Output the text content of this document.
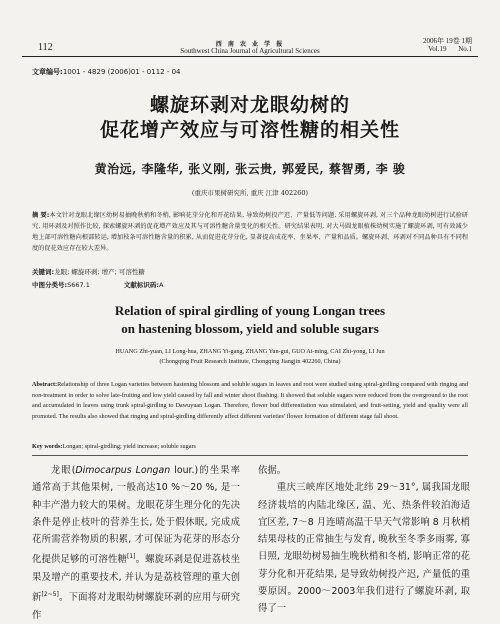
112	西 南 农 业 学 报
Southwest China Journal of Agricultural Sciences
2006年 19卷 1期
Vol.19 No.1
文章编号:1001 - 4829 (2006)01 - 0112 - 04
螺旋环剥对龙眼幼树的
促花增产效应与可溶性糖的相关性
黄治远, 李隆华, 张义刚, 张云贵, 郭爱民, 蔡智勇, 李 骏
(重庆市果树研究所, 重庆 江津 402260)
摘 要:本文针对龙眼北缘区幼树易抽晚秋梢和冬梢, 影响花芽分化和开花结果, 导致幼树投产迟、产量低等问题, 采用螺旋环剥, 对三个品种龙眼幼树进行试验研究, 用环剥及对照作比较, 探索螺旋环剥的促花增产效应及其与可溶性糖含量变化的相关性。研究结果表明, 对大马圆龙眼植株幼树实施了螺旋环剥, 可有效减少地上部可溶性糖向根部转运, 增加枝条可溶性糖含量的积累, 从而促进花芽分化, 显著提高成花率、坐果率、产量和品质。螺旋环剥、环剥对不同品种具有不同程度的促花效应存在较大差异。
关键词:龙眼; 螺旋环剥; 增产; 可溶性糖
中图分类号:S667.1	文献标识码:A
Relation of spiral girdling of young Longan trees
on hastening blossom, yield and soluble sugars
HUANG Zhi-yuan, LI Long-hua, ZHANG Yi-gang, ZHANG Yun-gui, GUO Ai-ming, CAI Zhi-yong, LI Jun
(Chongqing Fruit Research Institute, Chongqing Jiangjin 402260, China)
Abstract:Relationship of three Logan varieties between hastening blossom and soluble sugars in leaves and root were studied using spiral-girdling compared with ringing and non-treatment in order to solve late-fruiting and low yield caused by fall and winter shoot flushing. It showed that soluble sugars were reduced from the overground to the root and accumulated in leaves using trunk spiral-girdling to Dawuyuan Logan. Therefore, flower bud differentiation was stimulated, and fruit-setting, yield and quality were all promoted. The results also showed that ringing and spiral-girdling differently affect different varieties' flower formation of different stage fall shoot.
Key words:Longan; spiral-girdling; yield increase; soluble sugars

龙眼(Dimocarpus Longan lour.)的坐果率通常高于其他果树, 一般高达10 %～20 %, 是一种丰产潜力较大的果树。龙眼花芽生理分化的先决条件是停止枝叶的营养生长, 处于假休眠, 完成成花所需营养物质的积累, 才可保证为花芽的形态分化提供足够的可溶性糖[1]。螺旋环剥是促进荔枝坐果及增产的重要技术, 并认为是荔枝管理的重大创新[2~5]。下面将对龙眼幼树螺旋环剥的应用与研究作

依据。

重庆三峡库区地处北纬 29～31°, 属我国龙眼经济栽培的内陆北缘区, 温、光、热条件较泊海适宜区差, 7～8 月连晴高温干旱天气常影响 8 月秋梢结果母枝的正常抽生与发育, 晚秋至冬季多雨雾, 寡日照, 龙眼幼树易抽生晚秋梢和冬梢, 影响正常的花芽分化和开花结果, 是导致幼树投产迟, 产量低的重要原因。2000～2003年我们进行了螺旋环剥, 取得了一
